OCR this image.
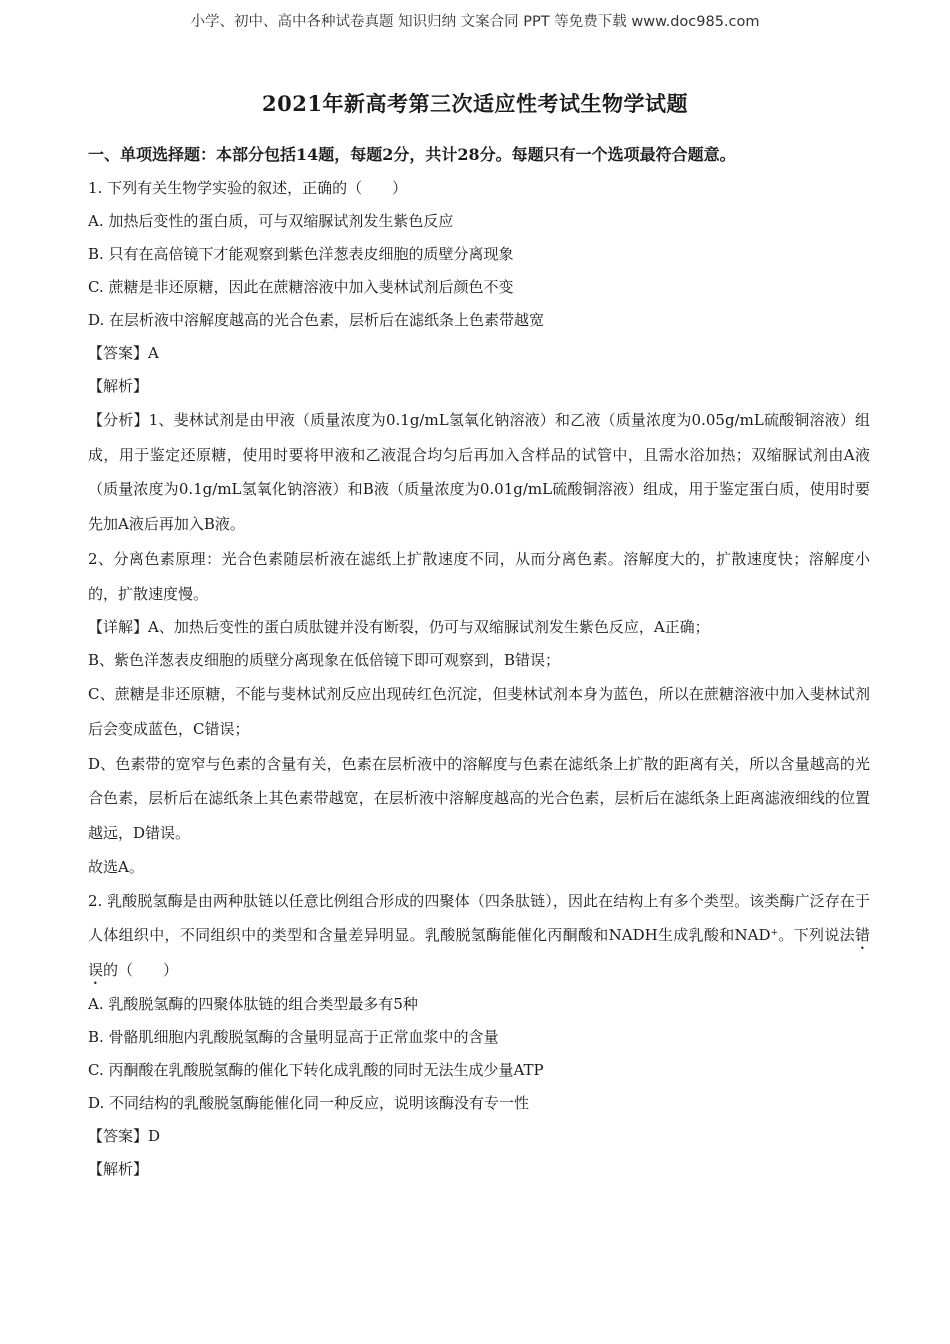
小学、初中、高中各种试卷真题 知识归纳 文案合同 PPT 等免费下载 www.doc985.com
2021年新高考第三次适应性考试生物学试题
一、单项选择题：本部分包括14题，每题2分，共计28分。每题只有一个选项最符合题意。

1. 下列有关生物学实验的叙述，正确的（　　）

A. 加热后变性的蛋白质，可与双缩脲试剂发生紫色反应

B. 只有在高倍镜下才能观察到紫色洋葱表皮细胞的质壁分离现象

C. 蔗糖是非还原糖，因此在蔗糖溶液中加入斐林试剂后颜色不变

D. 在层析液中溶解度越高的光合色素，层析后在滤纸条上色素带越宽

【答案】A

【解析】

【分析】1、斐林试剂是由甲液（质量浓度为0.1g/mL氢氧化钠溶液）和乙液（质量浓度为0.05g/mL硫酸铜溶液）组成，用于鉴定还原糖，使用时要将甲液和乙液混合均匀后再加入含样品的试管中，且需水浴加热；双缩脲试剂由A液（质量浓度为0.1g/mL氢氧化钠溶液）和B液（质量浓度为0.01g/mL硫酸铜溶液）组成，用于鉴定蛋白质，使用时要先加A液后再加入B液。

2、分离色素原理：光合色素随层析液在滤纸上扩散速度不同，从而分离色素。溶解度大的，扩散速度快；溶解度小的，扩散速度慢。

【详解】A、加热后变性的蛋白质肽键并没有断裂，仍可与双缩脲试剂发生紫色反应，A正确；

B、紫色洋葱表皮细胞的质壁分离现象在低倍镜下即可观察到，B错误；

C、蔗糖是非还原糖，不能与斐林试剂反应出现砖红色沉淀，但斐林试剂本身为蓝色，所以在蔗糖溶液中加入斐林试剂后会变成蓝色，C错误；

D、色素带的宽窄与色素的含量有关，色素在层析液中的溶解度与色素在滤纸条上扩散的距离有关，所以含量越高的光合色素，层析后在滤纸条上其色素带越宽，在层析液中溶解度越高的光合色素，层析后在滤纸条上距离滤液细线的位置越远，D错误。

故选A。

2. 乳酸脱氢酶是由两种肽链以任意比例组合形成的四聚体（四条肽链），因此在结构上有多个类型。该类酶广泛存在于人体组织中，不同组织中的类型和含量差异明显。乳酸脱氢酶能催化丙酮酸和NADH生成乳酸和NAD+。下列说法错误的（　　）

A. 乳酸脱氢酶的四聚体肽链的组合类型最多有5种

B. 骨骼肌细胞内乳酸脱氢酶的含量明显高于正常血浆中的含量

C. 丙酮酸在乳酸脱氢酶的催化下转化成乳酸的同时无法生成少量ATP

D. 不同结构的乳酸脱氢酶能催化同一种反应，说明该酶没有专一性

【答案】D

【解析】
